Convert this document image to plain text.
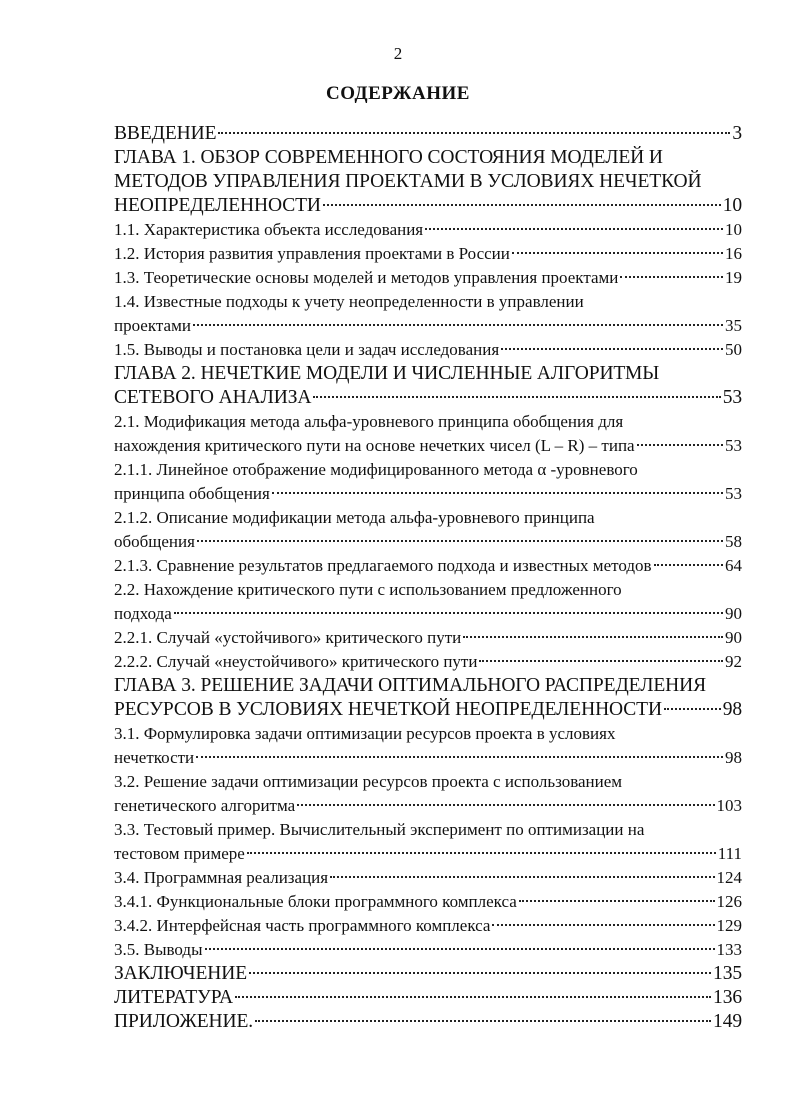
2
СОДЕРЖАНИЕ
ВВЕДЕНИЕ	3
ГЛАВА 1. ОБЗОР СОВРЕМЕННОГО СОСТОЯНИЯ МОДЕЛЕЙ И
МЕТОДОВ УПРАВЛЕНИЯ ПРОЕКТАМИ В УСЛОВИЯХ НЕЧЕТКОЙ
НЕОПРЕДЕЛЕННОСТИ	10
1.1. Характеристика объекта исследования	10
1.2. История развития управления проектами в России	16
1.3. Теоретические основы моделей и методов управления проектами	19
1.4. Известные подходы к учету неопределенности в управлении
проектами	35
1.5. Выводы и постановка цели и задач исследования	50
ГЛАВА 2. НЕЧЕТКИЕ МОДЕЛИ И ЧИСЛЕННЫЕ АЛГОРИТМЫ
СЕТЕВОГО АНАЛИЗА	53
2.1. Модификация метода альфа-уровневого принципа обобщения для
нахождения критического пути на основе нечетких чисел (L – R) – типа	53
2.1.1. Линейное отображение модифицированного метода α -уровневого
принципа обобщения	53
2.1.2. Описание модификации метода альфа-уровневого принципа
обобщения	58
2.1.3. Сравнение результатов предлагаемого подхода и известных методов	64
2.2. Нахождение критического пути с использованием предложенного
подхода	90
2.2.1. Случай «устойчивого» критического пути	90
2.2.2. Случай «неустойчивого» критического пути	92
ГЛАВА 3. РЕШЕНИЕ ЗАДАЧИ ОПТИМАЛЬНОГО РАСПРЕДЕЛЕНИЯ
РЕСУРСОВ В УСЛОВИЯХ НЕЧЕТКОЙ НЕОПРЕДЕЛЕННОСТИ	98
3.1. Формулировка задачи оптимизации ресурсов проекта в условиях
нечеткости	98
3.2. Решение задачи оптимизации ресурсов проекта с использованием
генетического алгоритма	103
3.3. Тестовый пример. Вычислительный эксперимент по оптимизации на
тестовом примере	111
3.4. Программная реализация	124
3.4.1. Функциональные блоки программного комплекса	126
3.4.2. Интерфейсная часть программного комплекса	129
3.5. Выводы	133
ЗАКЛЮЧЕНИЕ	135
ЛИТЕРАТУРА	136
ПРИЛОЖЕНИЕ.	149
